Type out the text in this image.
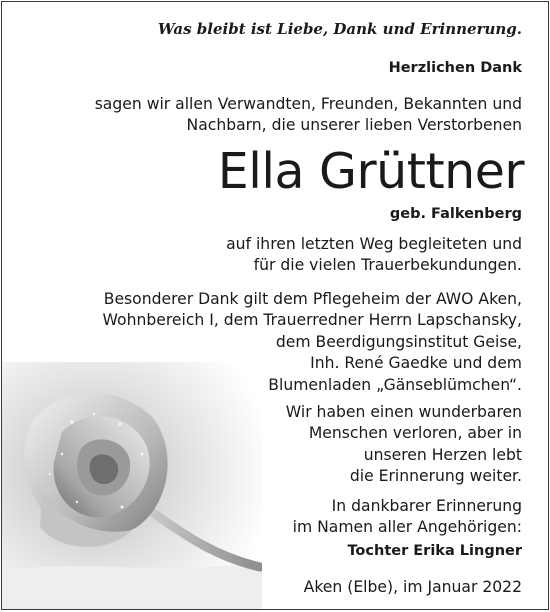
Was bleibt ist Liebe, Dank und Erinnerung.
Herzlichen Dank
sagen wir allen Verwandten, Freunden, Bekannten und
Nachbarn, die unserer lieben Verstorbenen
Ella Grüttner
geb. Falkenberg
auf ihren letzten Weg begleiteten und
für die vielen Trauerbekundungen.
Besonderer Dank gilt dem Pflegeheim der AWO Aken,
Wohnbereich I, dem Trauerredner Herrn Lapschansky,
dem Beerdigungsinstitut Geise,
Inh. René Gaedke und dem
Blumenladen „Gänseblümchen“.
Wir haben einen wunderbaren
Menschen verloren, aber in
unseren Herzen lebt
die Erinnerung weiter.
In dankbarer Erinnerung
im Namen aller Angehörigen:
Tochter Erika Lingner
Aken (Elbe), im Januar 2022
